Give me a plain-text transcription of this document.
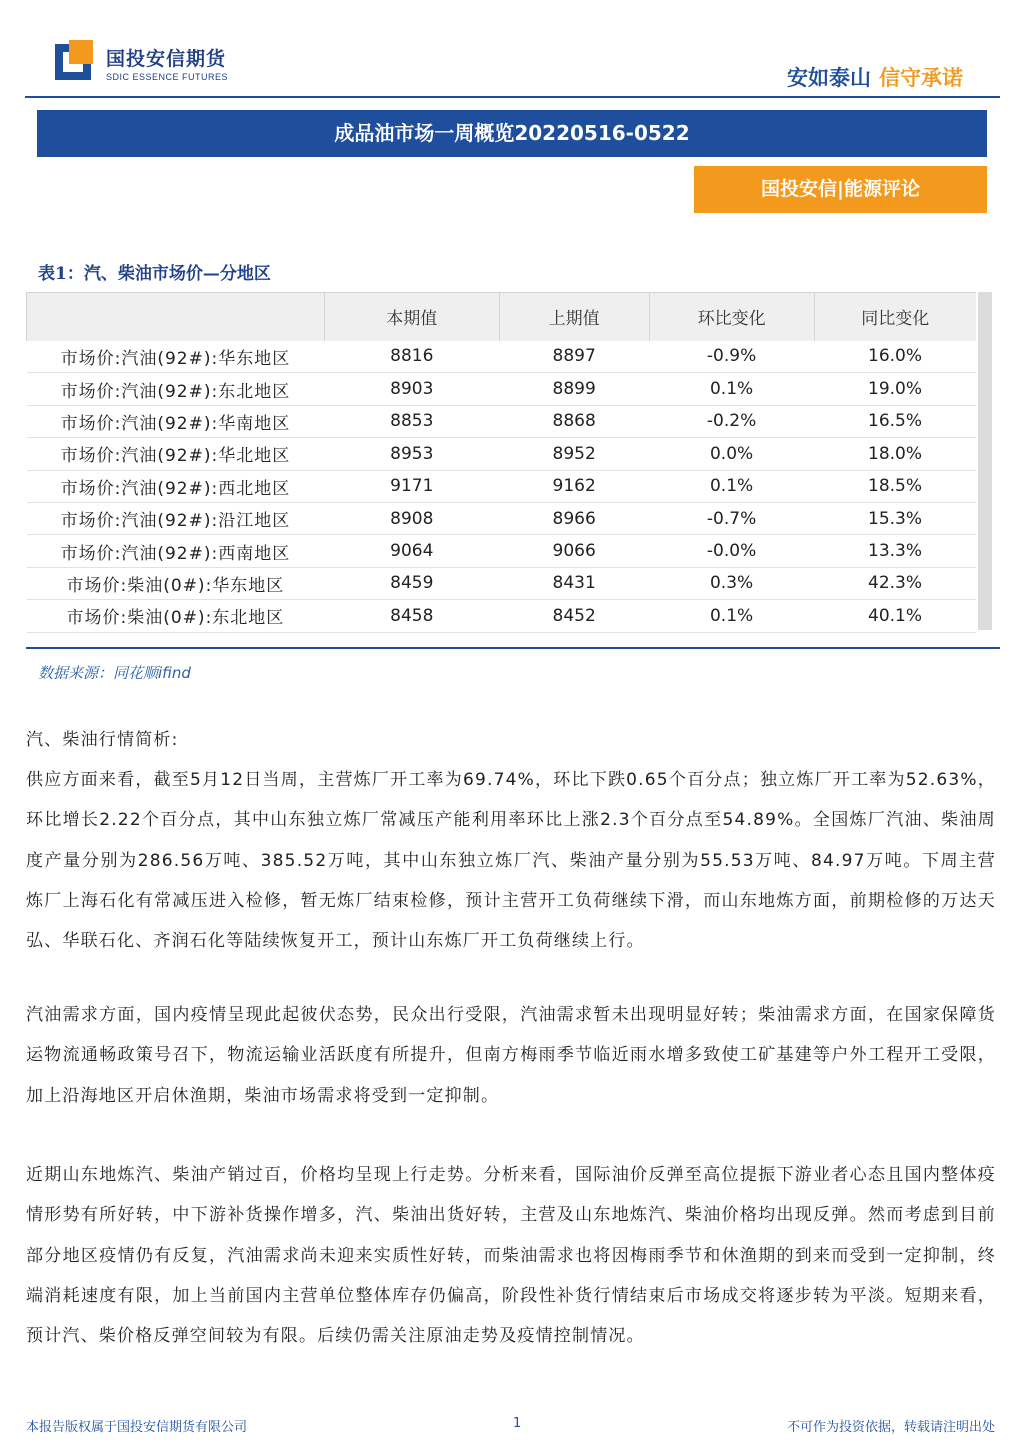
国投安信期货
SDIC ESSENCE FUTURES	安如泰山 信守承诺
成品油市场一周概览20220516-0522
国投安信|能源评论
表1：汽、柴油市场价—分地区
	本期值	上期值	环比变化	同比变化
市场价:汽油(92#):华东地区	8816	8897	-0.9%	16.0%
市场价:汽油(92#):东北地区	8903	8899	0.1%	19.0%
市场价:汽油(92#):华南地区	8853	8868	-0.2%	16.5%
市场价:汽油(92#):华北地区	8953	8952	0.0%	18.0%
市场价:汽油(92#):西北地区	9171	9162	0.1%	18.5%
市场价:汽油(92#):沿江地区	8908	8966	-0.7%	15.3%
市场价:汽油(92#):西南地区	9064	9066	-0.0%	13.3%
市场价:柴油(0#):华东地区	8459	8431	0.3%	42.3%
市场价:柴油(0#):东北地区	8458	8452	0.1%	40.1%
数据来源：同花顺ifind
汽、柴油行情简析:
供应方面来看，截至5月12日当周，主营炼厂开工率为69.74%，环比下跌0.65个百分点；独立炼厂开工率为52.63%，环比增长2.22个百分点，其中山东独立炼厂常减压产能利用率环比上涨2.3个百分点至54.89%。全国炼厂汽油、柴油周度产量分别为286.56万吨、385.52万吨，其中山东独立炼厂汽、柴油产量分别为55.53万吨、84.97万吨。下周主营炼厂上海石化有常减压进入检修，暂无炼厂结束检修，预计主营开工负荷继续下滑，而山东地炼方面，前期检修的万达天弘、华联石化、齐润石化等陆续恢复开工，预计山东炼厂开工负荷继续上行。
汽油需求方面，国内疫情呈现此起彼伏态势，民众出行受限，汽油需求暂未出现明显好转；柴油需求方面，在国家保障货运物流通畅政策号召下，物流运输业活跃度有所提升，但南方梅雨季节临近雨水增多致使工矿基建等户外工程开工受限，加上沿海地区开启休渔期，柴油市场需求将受到一定抑制。
近期山东地炼汽、柴油产销过百，价格均呈现上行走势。分析来看，国际油价反弹至高位提振下游业者心态且国内整体疫情形势有所好转，中下游补货操作增多，汽、柴油出货好转，主营及山东地炼汽、柴油价格均出现反弹。然而考虑到目前部分地区疫情仍有反复，汽油需求尚未迎来实质性好转，而柴油需求也将因梅雨季节和休渔期的到来而受到一定抑制，终端消耗速度有限，加上当前国内主营单位整体库存仍偏高，阶段性补货行情结束后市场成交将逐步转为平淡。短期来看，预计汽、柴价格反弹空间较为有限。后续仍需关注原油走势及疫情控制情况。
本报告版权属于国投安信期货有限公司	1	不可作为投资依据，转载请注明出处
